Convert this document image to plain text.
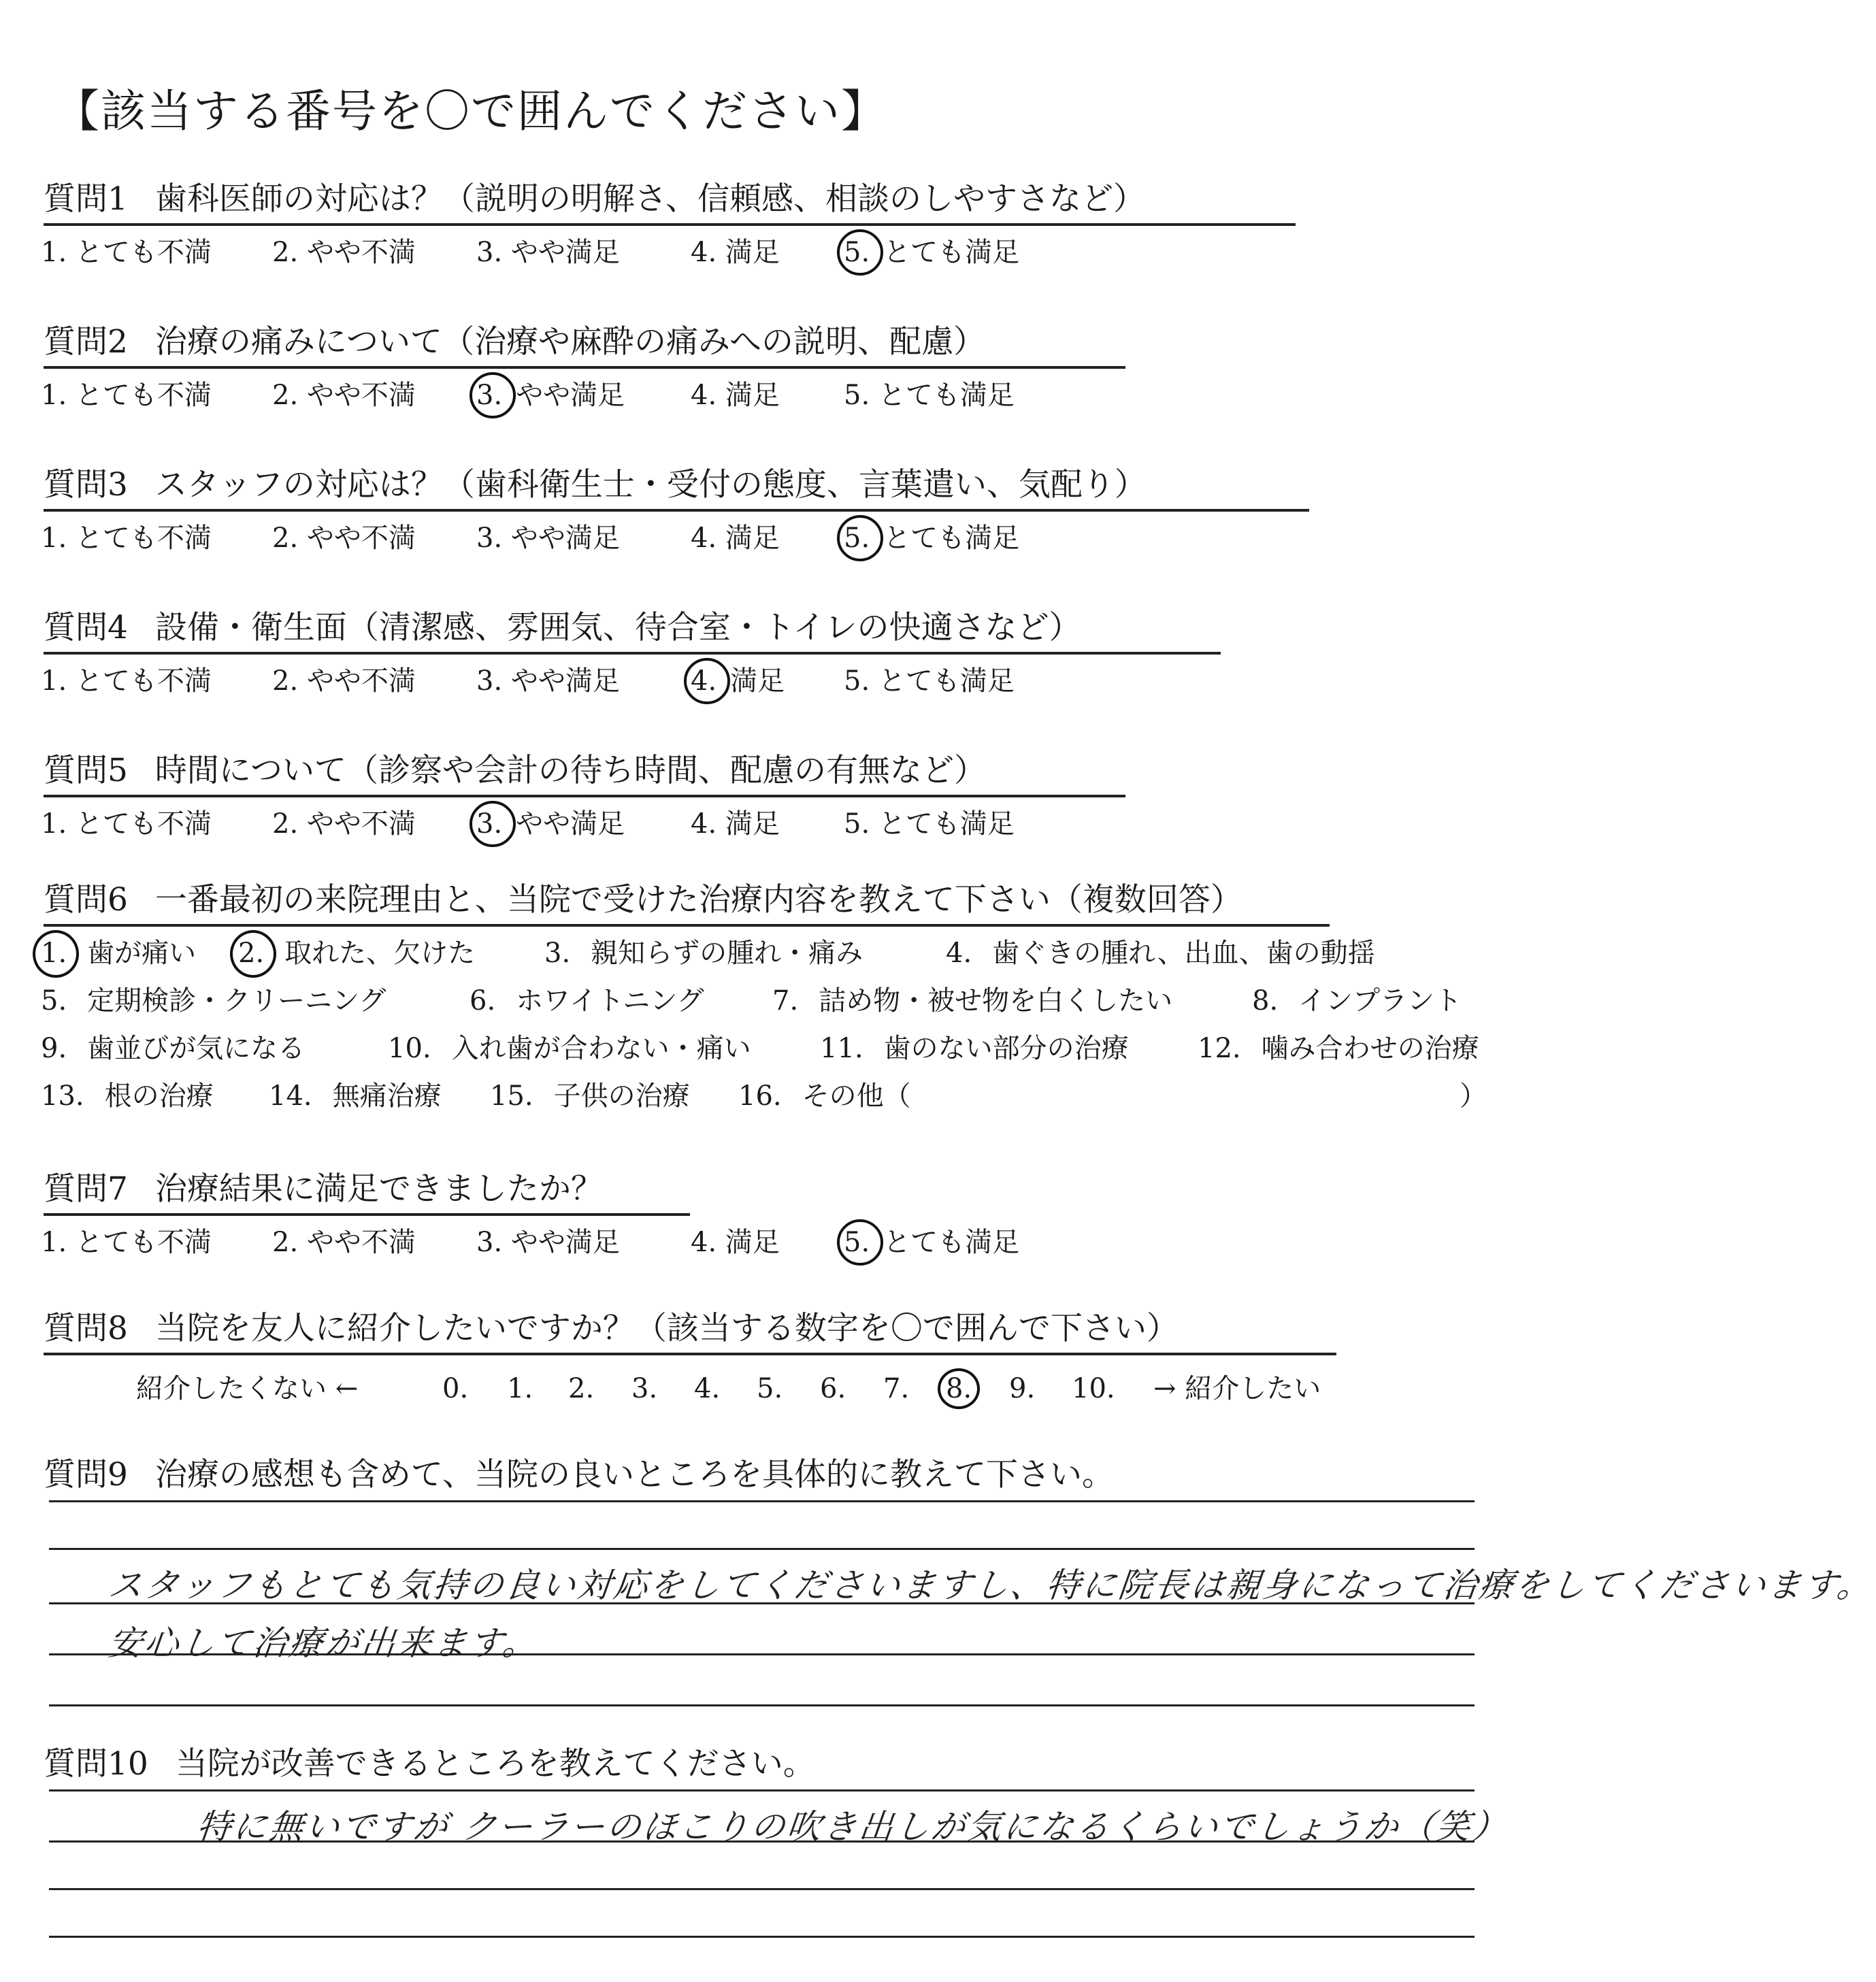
【該当する番号を〇で囲んでください】
質問1 歯科医師の対応は？（説明の明解さ、信頼感、相談のしやすさなど）
1. とても不満 2. やや不満 3. やや満足	4. 満足 5. とても満足
質問2 治療の痛みについて（治療や麻酔の痛みへの説明、配慮）
1. とても不満 2. やや不満 3. やや満足 4. 満足 5. とても満足
質問3 スタッフの対応は？（歯科衛生士・受付の態度、言葉遣い、気配り）
1. とても不満 2. やや不満 3. やや満足	4. 満足 5. とても満足
質問4 設備・衛生面（清潔感、雰囲気、待合室・トイレの快適さなど）
1. とても不満 2. やや不満 3. やや満足	4. 満足 5. とても満足
質問5 時間について（診察や会計の待ち時間、配慮の有無など）
1. とても不満 2. やや不満 3. やや満足 4. 満足 5. とても満足
質問6 一番最初の来院理由と、当院で受けた治療内容を教えて下さい（複数回答）
1. 歯が痛い 2. 取れた、欠けた	3. 親知らずの腫れ・痛み	4. 歯ぐきの腫れ、出血、歯の動揺
5. 定期検診・クリーニング	6. ホワイトニング	7. 詰め物・被せ物を白くしたい	8. インプラント
9. 歯並びが気になる	10. 入れ歯が合わない・痛い	11. 歯のない部分の治療	12. 噛み合わせの治療
13. 根の治療 14. 無痛治療 15. 子供の治療 16. その他（	）
質問7 治療結果に満足できましたか？
1. とても不満 2. やや不満 3. やや満足	4. 満足 5. とても満足
質問8 当院を友人に紹介したいですか？（該当する数字を〇で囲んで下さい）
紹介したくない ←	0. 1. 2. 3. 4. 5. 6. 7.	8.	9. 10. → 紹介したい
質問9 治療の感想も含めて、当院の良いところを具体的に教えて下さい。
スタッフもとても気持の良い対応をしてくださいますし、特に院長は親身になって治療をしてくださいます。
安心して治療が出来ます。
質問10 当院が改善できるところを教えてください。
特に無いですが クーラーのほこりの吹き出しが気になるくらいでしょうか（笑）
